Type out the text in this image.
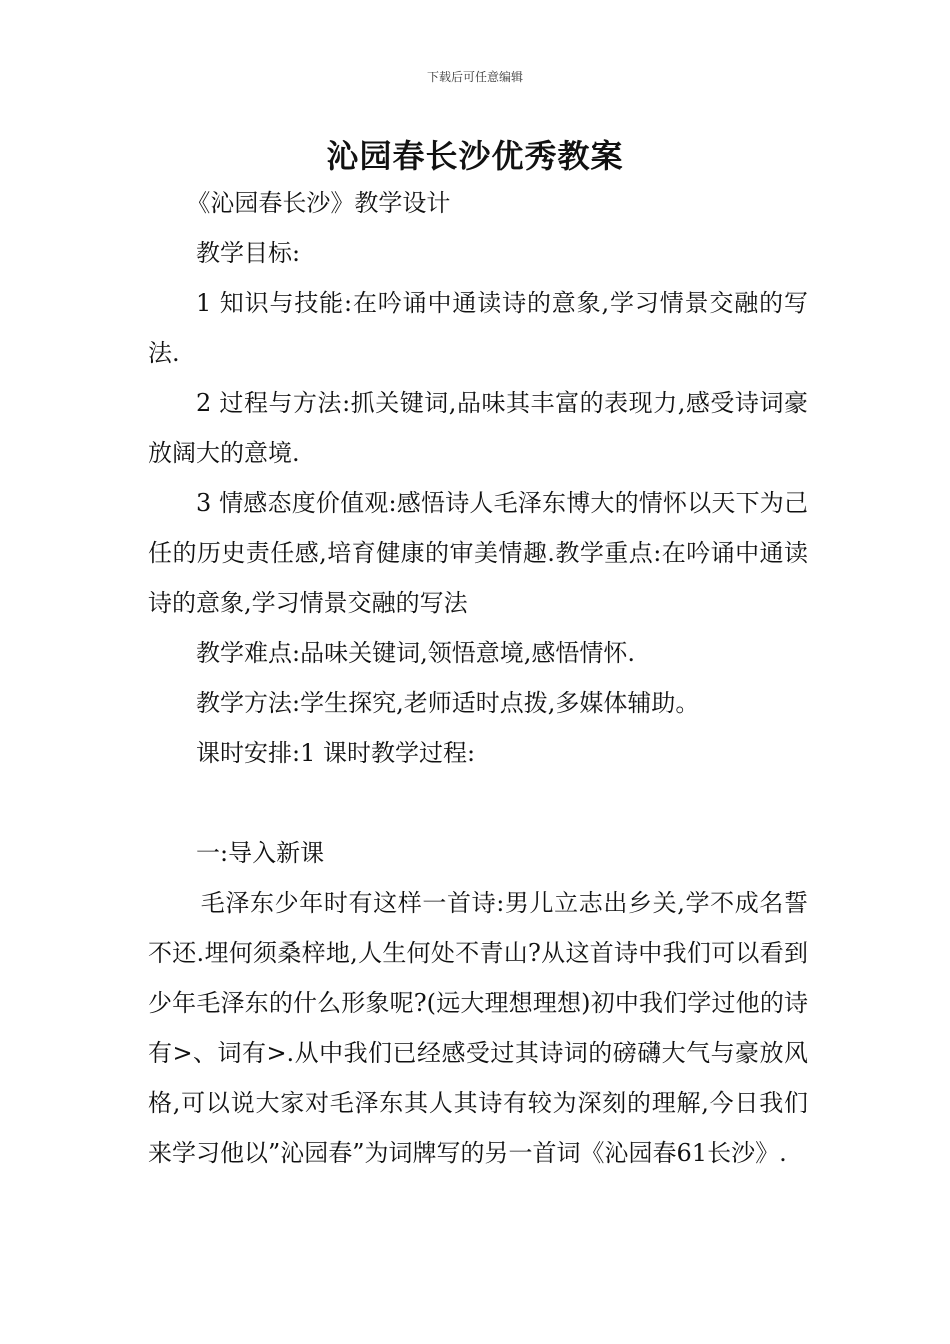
下载后可任意编辑
沁园春长沙优秀教案

《沁园春长沙》教学设计

教学目标:

1 知识与技能:在吟诵中通读诗的意象,学习情景交融的写法.

2 过程与方法:抓关键词,品味其丰富的表现力,感受诗词豪放阔大的意境.

3 情感态度价值观:感悟诗人毛泽东博大的情怀以天下为己任的历史责任感,培育健康的审美情趣.教学重点:在吟诵中通读诗的意象,学习情景交融的写法

教学难点:品味关键词,领悟意境,感悟情怀.

教学方法:学生探究,老师适时点拨,多媒体辅助。

课时安排:1 课时教学过程:

一:导入新课

毛泽东少年时有这样一首诗:男儿立志出乡关,学不成名誓不还.埋何须桑梓地,人生何处不青山?从这首诗中我们可以看到少年毛泽东的什么形象呢?(远大理想理想)初中我们学过他的诗有>、词有>.从中我们已经感受过其诗词的磅礴大气与豪放风格,可以说大家对毛泽东其人其诗有较为深刻的理解,今日我们来学习他以”沁园春”为词牌写的另一首词《沁园春61长沙》.
